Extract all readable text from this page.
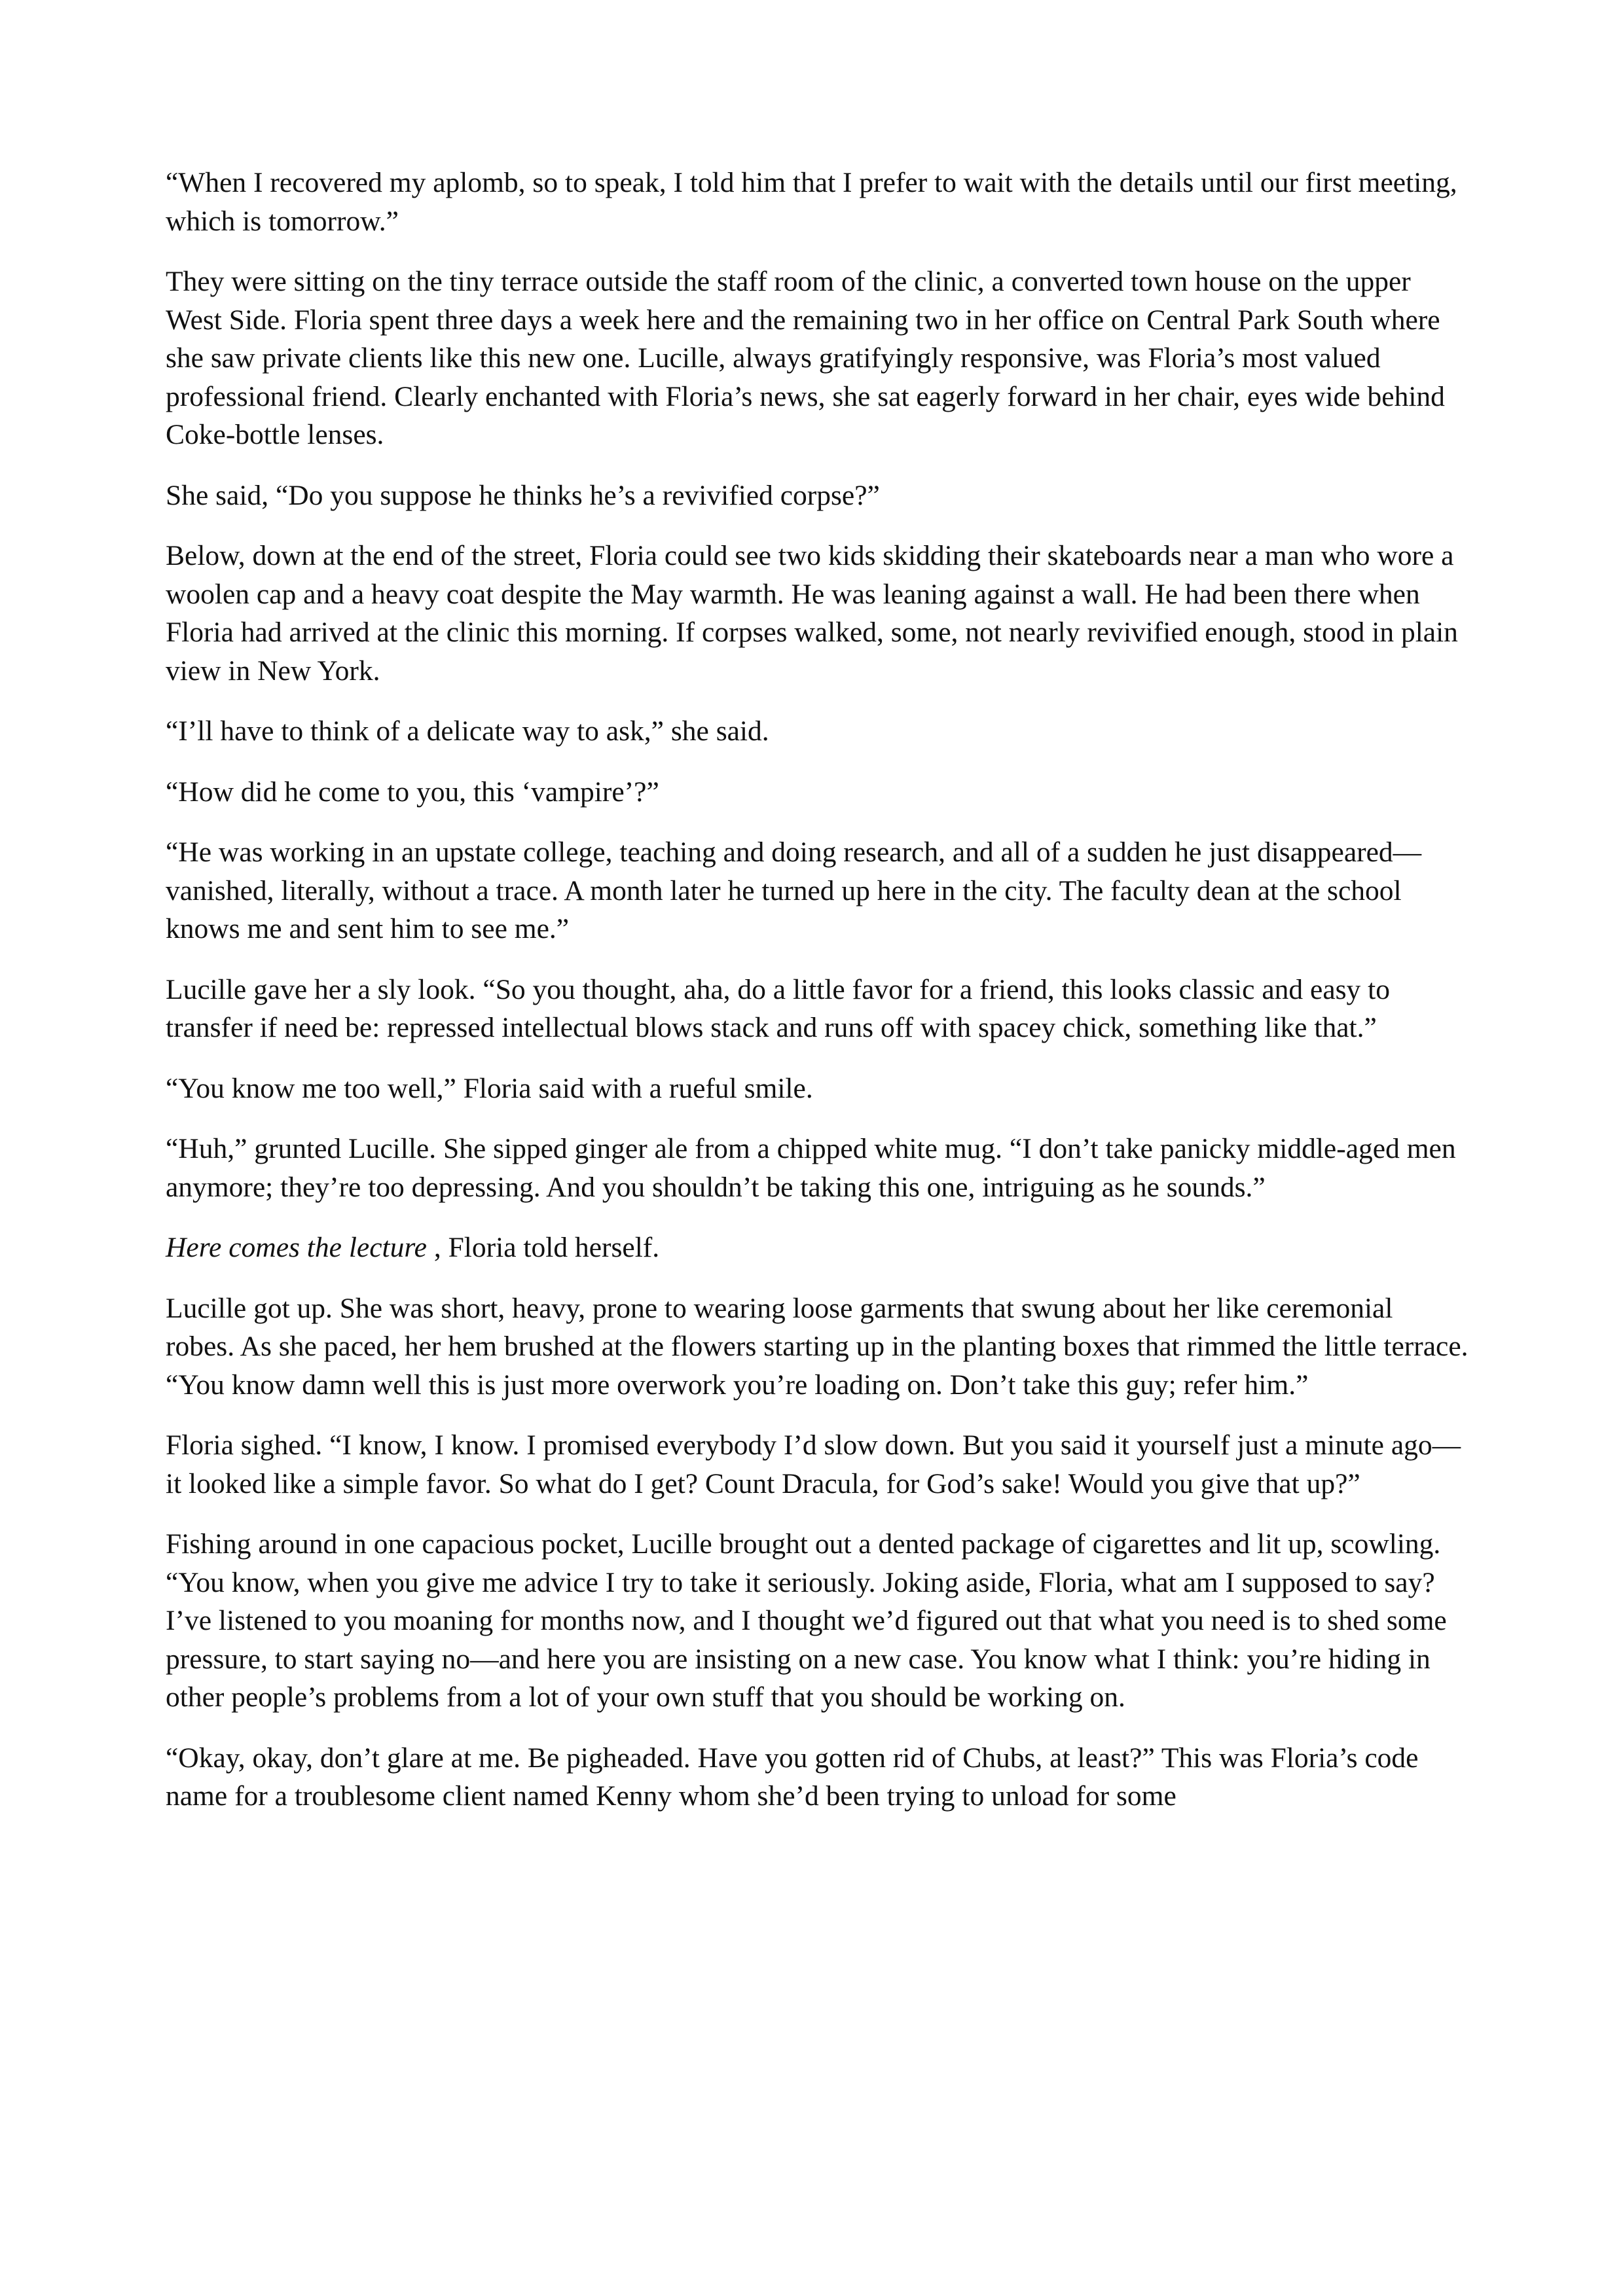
“When I recovered my aplomb, so to speak, I told him that I prefer to wait with the details until our first meeting, which is tomorrow.”

They were sitting on the tiny terrace outside the staff room of the clinic, a converted town house on the upper West Side. Floria spent three days a week here and the remaining two in her office on Central Park South where she saw private clients like this new one. Lucille, always gratifyingly responsive, was Floria’s most valued professional friend. Clearly enchanted with Floria’s news, she sat eagerly forward in her chair, eyes wide behind Coke-bottle lenses.

She said, “Do you suppose he thinks he’s a revivified corpse?”

Below, down at the end of the street, Floria could see two kids skidding their skateboards near a man who wore a woolen cap and a heavy coat despite the May warmth. He was leaning against a wall. He had been there when Floria had arrived at the clinic this morning. If corpses walked, some, not nearly revivified enough, stood in plain view in New York.

“I’ll have to think of a delicate way to ask,” she said.

“How did he come to you, this ‘vampire’?”

“He was working in an upstate college, teaching and doing research, and all of a sudden he just disappeared—vanished, literally, without a trace. A month later he turned up here in the city. The faculty dean at the school knows me and sent him to see me.”

Lucille gave her a sly look. “So you thought, aha, do a little favor for a friend, this looks classic and easy to transfer if need be: repressed intellectual blows stack and runs off with spacey chick, something like that.”

“You know me too well,” Floria said with a rueful smile.

“Huh,” grunted Lucille. She sipped ginger ale from a chipped white mug. “I don’t take panicky middle-aged men anymore; they’re too depressing. And you shouldn’t be taking this one, intriguing as he sounds.”

Here comes the lecture , Floria told herself.

Lucille got up. She was short, heavy, prone to wearing loose garments that swung about her like ceremonial robes. As she paced, her hem brushed at the flowers starting up in the planting boxes that rimmed the little terrace. “You know damn well this is just more overwork you’re loading on. Don’t take this guy; refer him.”

Floria sighed. “I know, I know. I promised everybody I’d slow down. But you said it yourself just a minute ago—it looked like a simple favor. So what do I get? Count Dracula, for God’s sake! Would you give that up?”

Fishing around in one capacious pocket, Lucille brought out a dented package of cigarettes and lit up, scowling. “You know, when you give me advice I try to take it seriously. Joking aside, Floria, what am I supposed to say? I’ve listened to you moaning for months now, and I thought we’d figured out that what you need is to shed some pressure, to start saying no—and here you are insisting on a new case. You know what I think: you’re hiding in other people’s problems from a lot of your own stuff that you should be working on.

“Okay, okay, don’t glare at me. Be pigheaded. Have you gotten rid of Chubs, at least?” This was Floria’s code name for a troublesome client named Kenny whom she’d been trying to unload for some
